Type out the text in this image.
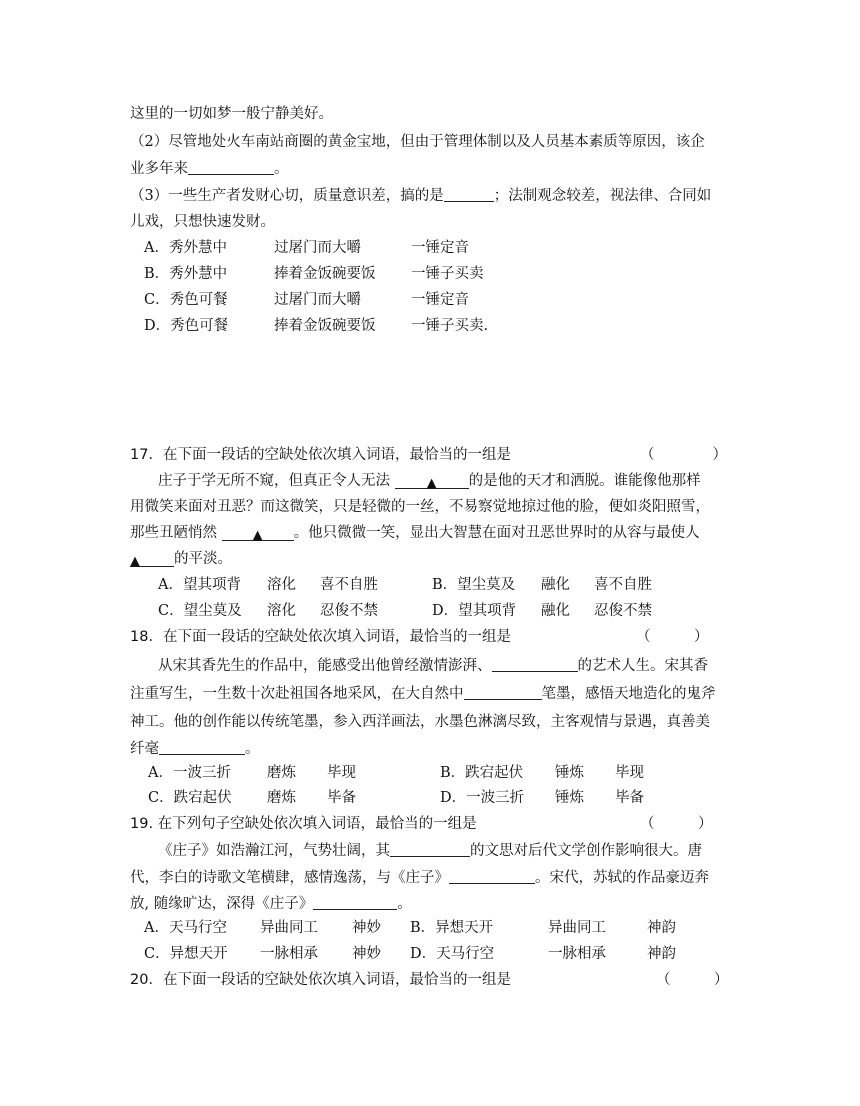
这里的一切如梦一般宁静美好。
（2）尽管地处火车南站商圈的黄金宝地，但由于管理体制以及人员基本素质等原因，该企
业多年来	。
（3）一些生产者发财心切，质量意识差，搞的是	；法制观念较差，视法律、合同如
儿戏，只想快速发财。
A．秀外慧中	过屠门而大嚼	一锤定音
B．秀外慧中	捧着金饭碗要饭 一锤子买卖
C．秀色可餐	过屠门而大嚼	一锤定音
D．秀色可餐	捧着金饭碗要饭 一锤子买卖.
17．在下面一段话的空缺处依次填入词语，最恰当的一组是	（　　　　）
庄子于学无所不窥，但真正令人无法	▲ 的是他的天才和洒脱。谁能像他那样
用微笑来面对丑恶？而这微笑，只是轻微的一丝，不易察觉地掠过他的脸，便如炎阳照雪，
那些丑陋悄然	▲ 。他只微微一笑，显出大智慧在面对丑恶世界时的从容与最使人
▲ 的平淡。
A．望其项背 溶化 喜不自胜	B．望尘莫及 融化 喜不自胜
C．望尘莫及 溶化 忍俊不禁	D．望其项背 融化 忍俊不禁
18．在下面一段话的空缺处依次填入词语，最恰当的一组是	（　　　）
从宋其香先生的作品中，能感受出他曾经激情澎湃、	的艺术人生。宋其香
注重写生，一生数十次赴祖国各地采风，在大自然中	笔墨，感悟天地造化的鬼斧
神工。他的创作能以传统笔墨，参入西洋画法，水墨色淋漓尽致，主客观情与景遇，真善美
纤毫	。
A．一波三折 磨炼 毕现	B．跌宕起伏 锤炼 毕现
C．跌宕起伏 磨炼 毕备	D．一波三折 锤炼 毕备
19. 在下列句子空缺处依次填入词语，最恰当的一组是	（　　　）
《庄子》如浩瀚江河，气势壮阔，其	的文思对后代文学创作影响很大。唐
代，李白的诗歌文笔横肆，感情逸荡，与《庄子》	。宋代，苏轼的作品豪迈奔
放, 随缘旷达，深得《庄子》	。
A．天马行空 异曲同工 神妙 B．异想天开	异曲同工	神韵
C．异想天开 一脉相承 神妙 D．天马行空	一脉相承	神韵
20．在下面一段话的空缺处依次填入词语，最恰当的一组是	（　　　）
